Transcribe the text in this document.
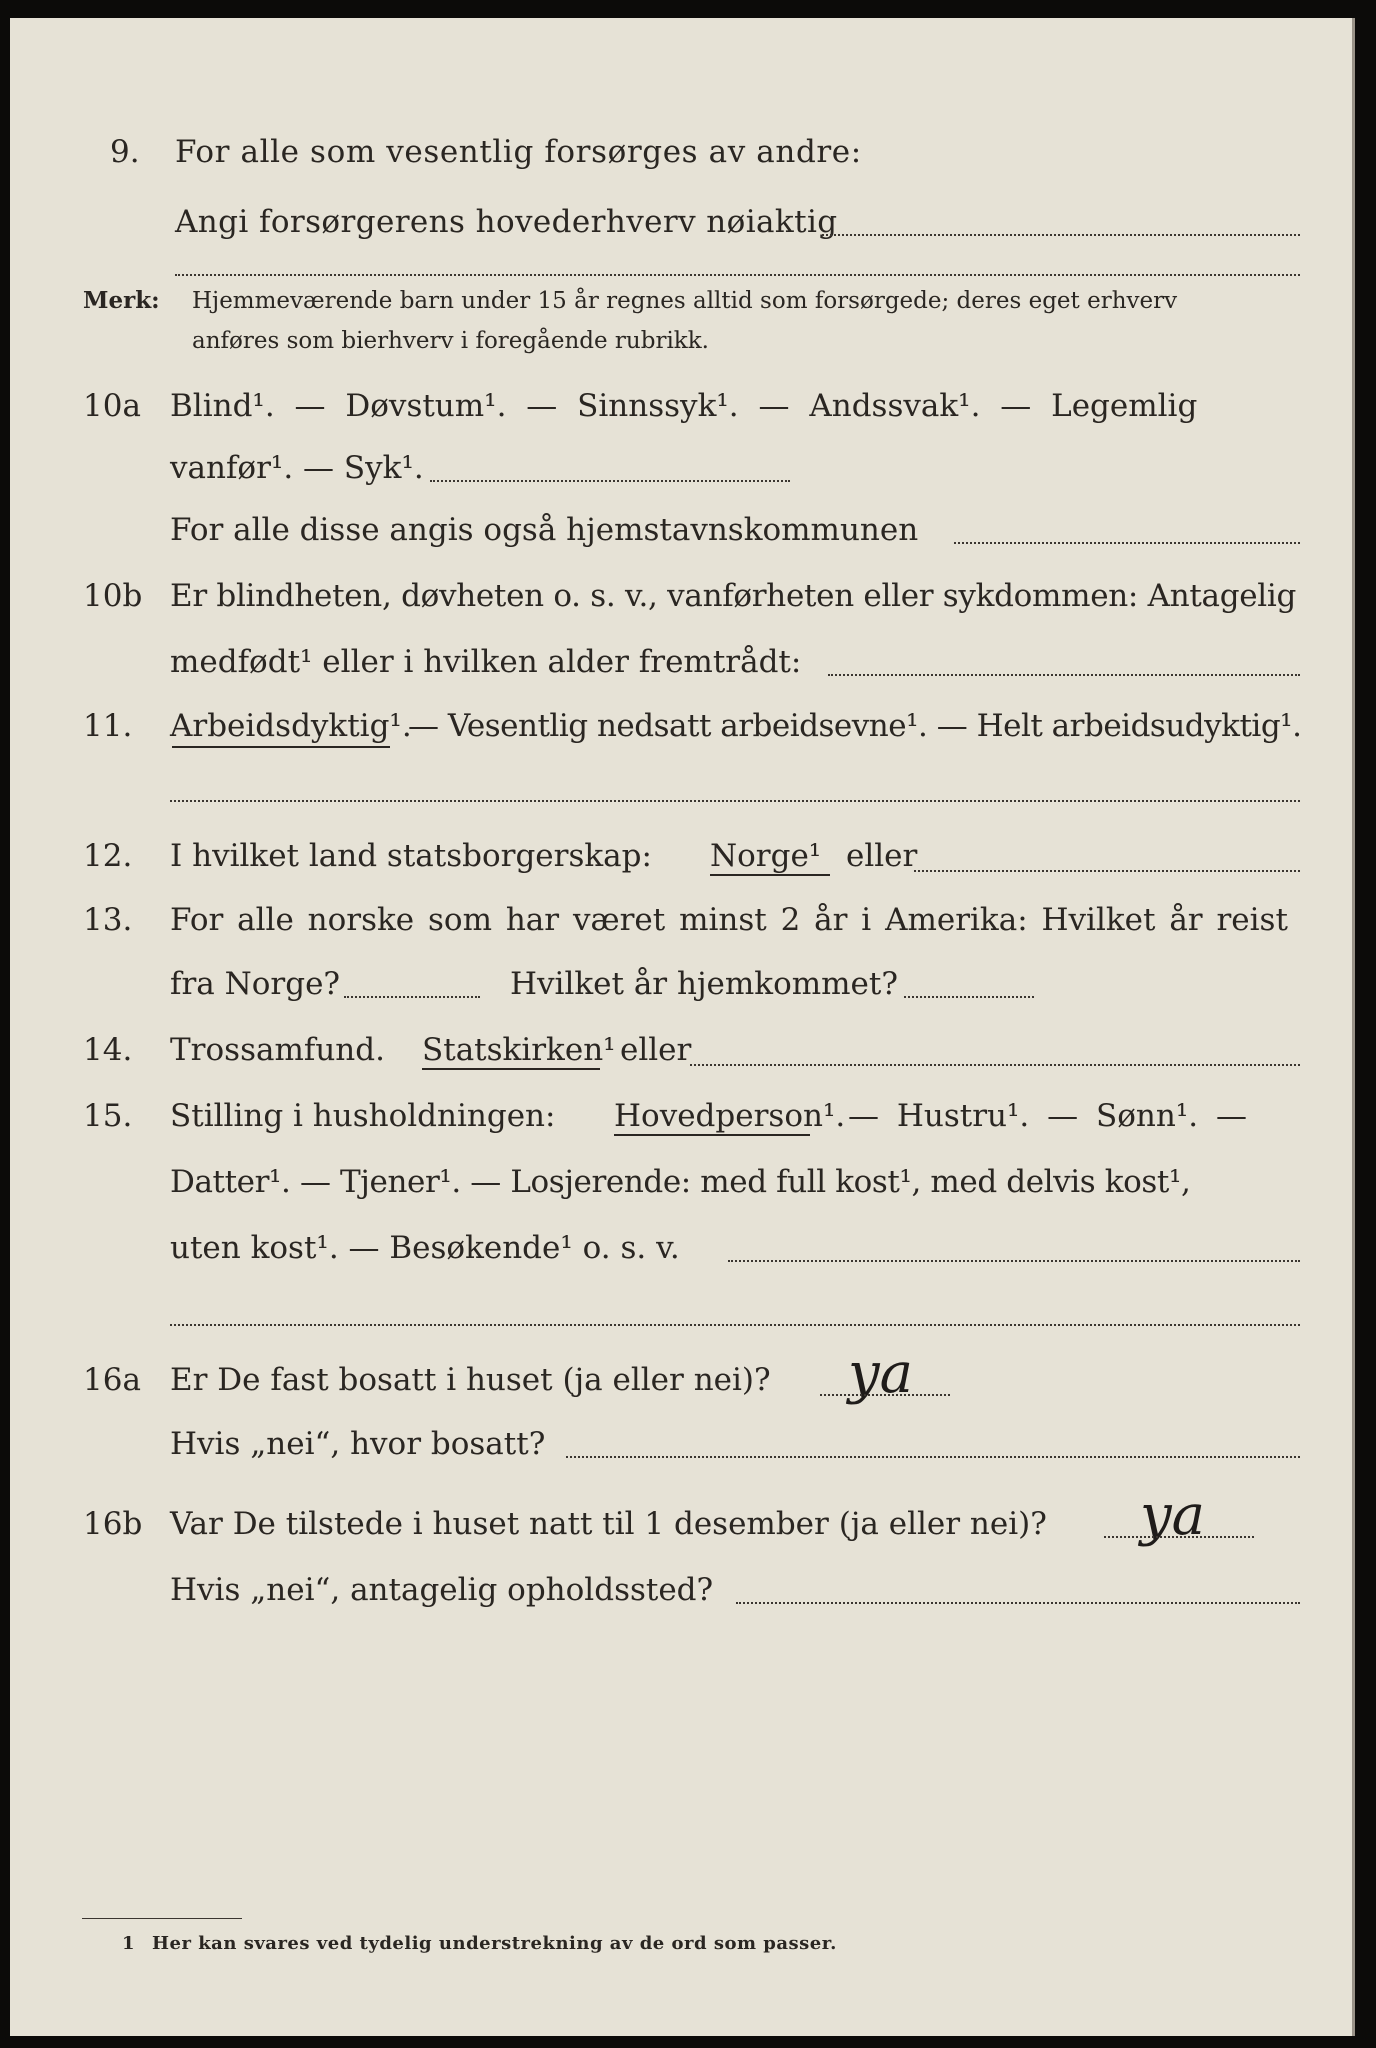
9. For alle som vesentlig forsørges av andre:
Angi forsørgerens hovederhverv nøiaktig
Merk: Hjemmeværende barn under 15 år regnes alltid som forsørgede; deres eget erhverv
anføres som bierhverv i foregående rubrikk.
10a Blind¹. — Døvstum¹. — Sinnssyk¹. — Andssvak¹. — Legemlig
vanfør¹. — Syk¹.
For alle disse angis også hjemstavnskommunen
10b Er blindheten, døvheten o. s. v., vanførheten eller sykdommen: Antagelig
medfødt¹ eller i hvilken alder fremtrådt:
11. Arbeidsdyktig¹.
— Vesentlig nedsatt arbeidsevne¹. — Helt arbeidsudyktig¹.
12. I hvilket land statsborgerskap: Norge¹ eller
13. For alle norske som har været minst 2 år i Amerika: Hvilket år reist
fra Norge?	Hvilket år hjemkommet?
14. Trossamfund. Statskirken¹ eller
15. Stilling i husholdningen: Hovedperson¹. — Hustru¹. — Sønn¹. —
Datter¹. — Tjener¹. — Losjerende: med full kost¹, med delvis kost¹,
uten kost¹. — Besøkende¹ o. s. v.
16a Er De fast bosatt i huset (ja eller nei)? ya
Hvis „nei“, hvor bosatt?
16b Var De tilstede i huset natt til 1 desember (ja eller nei)? ya
Hvis „nei“, antagelig opholdssted?
1 Her kan svares ved tydelig understrekning av de ord som passer.
